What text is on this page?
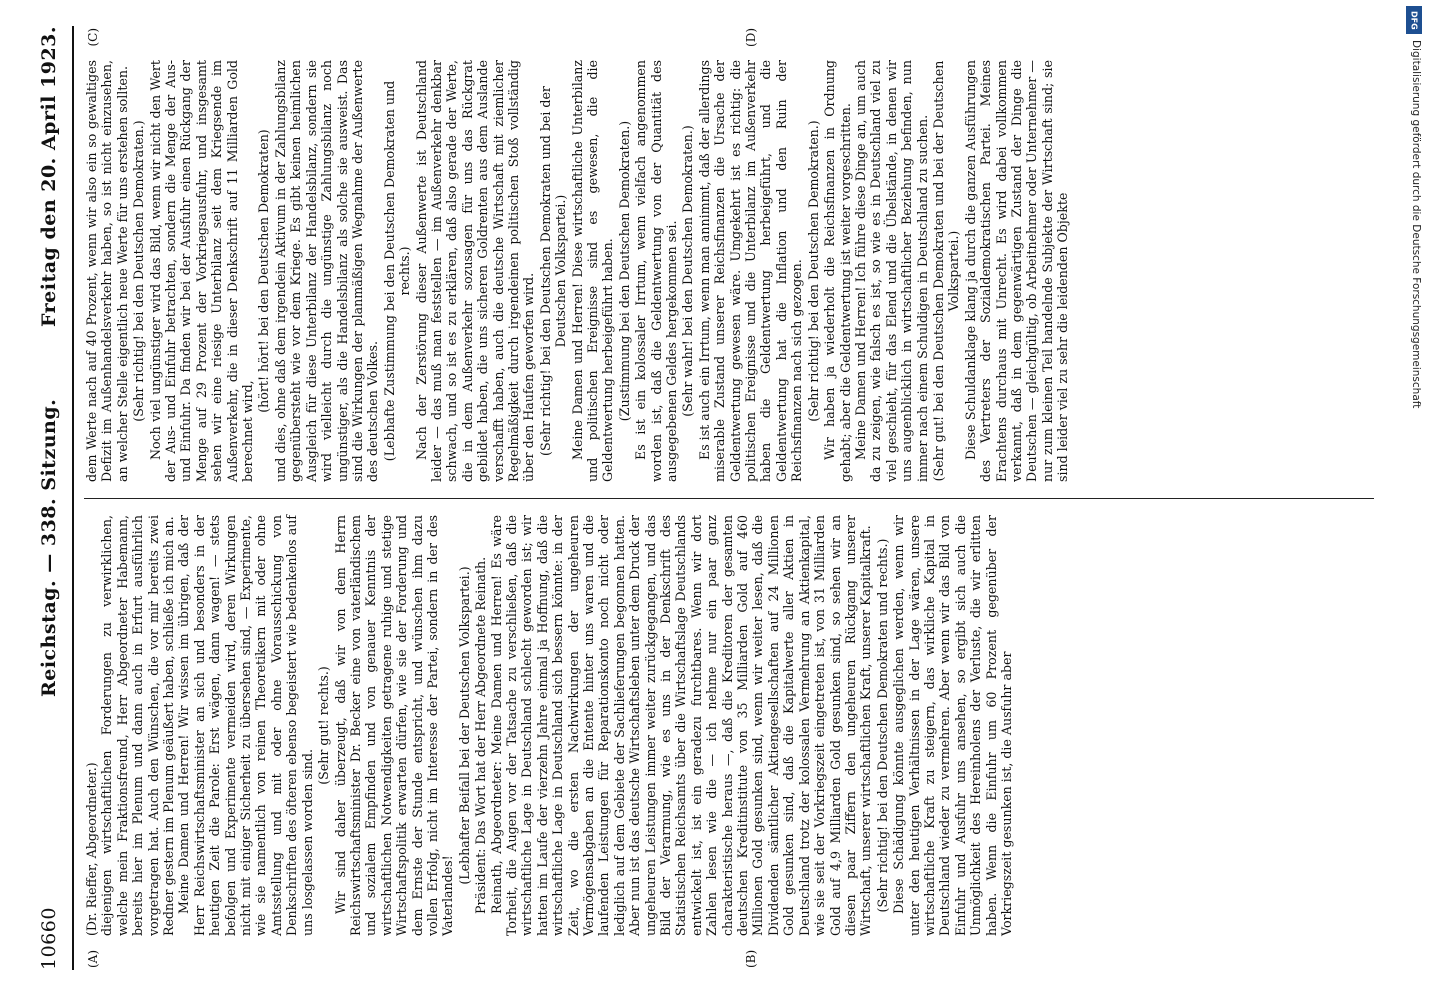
10660
Reichstag. — 338. Sitzung.
Freitag den 20. April 1923.
(A)	(B)

(Dr. Rieffer, Abgeordneter.) diejenigen wirtschaftlichen Forderungen zu verwirklichen, welche mein Fraktionsfreund, Herr Abgeordneter Habemann, bereits hier im Plenum und dann auch in Erfurt ausführlich vorgetragen hat. Auch den Wünschen, die vor mir bereits zwei Redner gestern im Plenum geäußert haben, schließe ich mich an. Meine Damen und Herren! Wir wissen im übrigen, daß der Herr Reichswirtschaftsminister an sich und besonders in der heutigen Zeit die Parole: Erst wägen, dann wagen! — stets befolgen und Experimente vermeiden wird, deren Wirkungen nicht mit einiger Sicherheit zu übersehen sind, — Experimente, wie sie namentlich von reinen Theoretikern mit oder ohne Amtsstellung und mit oder ohne Vorausschickung von Denkschriften des öfteren ebenso begeistert wie bedenkenlos auf uns losgelassen worden sind.

(Sehr gut! rechts.) Wir sind daher überzeugt, daß wir von dem Herrn Reichswirtschaftsminister Dr. Becker eine von vaterländischem und sozialem Empfinden und von genauer Kenntnis der wirtschaftlichen Notwendigkeiten getragene ruhige und stetige Wirtschaftspolitik erwarten dürfen, wie sie der Forderung und dem Ernste der Stunde entspricht, und wünschen ihm dazu vollen Erfolg, nicht im Interesse der Partei, sondern in der des Vaterlandes!

(Lebhafter Beifall bei der Deutschen Volkspartei.) Präsident: Das Wort hat der Herr Abgeordnete Reinath. Reinath, Abgeordneter: Meine Damen und Herren! Es wäre Torheit, die Augen vor der Tatsache zu verschließen, daß die wirtschaftliche Lage in Deutschland schlecht geworden ist; wir hatten im Laufe der vierzehn Jahre einmal ja Hoffnung, daß die wirtschaftliche Lage in Deutschland sich bessern könnte: in der Zeit, wo die ersten Nachwirkungen der ungeheuren Vermögensabgaben an die Entente hinter uns waren und die laufenden Leistungen für Reparationskonto noch nicht oder lediglich auf dem Gebiete der Sachlieferungen begonnen hatten. Aber nun ist das deutsche Wirtschaftsleben unter dem Druck der ungeheuren Leistungen immer weiter zurückgegangen, und das Bild der Verarmung, wie es uns in der Denkschrift des Statistischen Reichsamts über die Wirtschaftslage Deutschlands entwickelt ist, ist ein geradezu furchtbares. Wenn wir dort Zahlen lesen wie die — ich nehme nur ein paar ganz charakteristische heraus —, daß die Kreditoren der gesamten deutschen Kreditinstitute von 35 Milliarden Gold auf 460 Millionen Gold gesunken sind, wenn wir weiter lesen, daß die Dividenden sämtlicher Aktiengesellschaften auf 24 Millionen Gold gesunken sind, daß die Kapitalwerte aller Aktien in Deutschland trotz der kolossalen Vermehrung an Aktienkapital, wie sie seit der Vorkriegszeit eingetreten ist, von 31 Milliarden Gold auf 4,9 Milliarden Gold gesunken sind, so sehen wir an diesen paar Ziffern den ungeheuren Rückgang unserer Wirtschaft, unserer wirtschaftlichen Kraft, unserer Kapitalkraft. (Sehr richtig! bei den Deutschen Demokraten und rechts.) Diese Schädigung könnte ausgeglichen werden, wenn wir unter den heutigen Verhältnissen in der Lage wären, unsere wirtschaftliche Kraft zu steigern, das wirkliche Kapital in Deutschland wieder zu vermehren. Aber wenn wir das Bild von Einfuhr und Ausfuhr uns ansehen, so ergibt sich auch die Unmöglichkeit des Hereinholens der Verluste, die wir erlitten haben. Wenn die Einfuhr um 60 Prozent gegenüber der Vorkriegszeit gesunken ist, die Ausfuhr aber

(C)	(D)

dem Werte nach auf 40 Prozent, wenn wir also ein so gewaltiges Defizit im Außenhandelsverkehr haben, so ist nicht einzusehen, an welcher Stelle eigentlich neue Werte für uns erstehen sollten. (Sehr richtig! bei den Deutschen Demokraten.) Noch viel ungünstiger wird das Bild, wenn wir nicht den Wert der Aus- und Einfuhr betrachten, sondern die Menge der Aus- und Einfuhr. Da finden wir bei der Ausfuhr einen Rückgang der Menge auf 29 Prozent der Vorkriegsausfuhr, und insgesamt sehen wir eine riesige Unterbilanz seit dem Kriegsende im Außenverkehr, die in dieser Denkschrift auf 11 Milliarden Gold berechnet wird,

(hört! hört! bei den Deutschen Demokraten) und dies, ohne daß dem irgendein Aktivum in der Zahlungsbilanz gegenübersteht wie vor dem Kriege. Es gibt keinen heimlichen Ausgleich für diese Unterbilanz der Handelsbilanz, sondern sie wird vielleicht durch die ungünstige Zahlungsbilanz noch ungünstiger, als die Handelsbilanz als solche sie ausweist. Das sind die Wirkungen der planmäßigen Wegnahme der Außenwerte des deutschen Volkes. (Lebhafte Zustimmung bei den Deutschen Demokraten und rechts.) Nach der Zerstörung dieser Außenwerte ist Deutschland leider — das muß man feststellen — im Außenverkehr denkbar schwach, und so ist es zu erklären, daß also gerade der Werte, die in dem Außenverkehr sozusagen für uns das Rückgrat gebildet haben, die uns sicheren Goldrenten aus dem Auslande verschafft haben, auch die deutsche Wirtschaft mit ziemlicher Regelmäßigkeit durch irgendeinen politischen Stoß vollständig über den Haufen geworfen wird. (Sehr richtig! bei den Deutschen Demokraten und bei der Deutschen Volkspartei.) Meine Damen und Herren! Diese wirtschaftliche Unterbilanz und politischen Ereignisse sind es gewesen, die die Geldentwertung herbeigeführt haben. (Zustimmung bei den Deutschen Demokraten.) Es ist ein kolossaler Irrtum, wenn vielfach angenommen worden ist, daß die Geldentwertung von der Quantität des ausgegebenen Geldes hergekommen sei. (Sehr wahr! bei den Deutschen Demokraten.) Es ist auch ein Irrtum, wenn man annimmt, daß der allerdings miserable Zustand unserer Reichsfinanzen die Ursache der Geldentwertung gewesen wäre. Umgekehrt ist es richtig: die politischen Ereignisse und die Unterbilanz im Außenverkehr haben die Geldentwertung herbeigeführt, und die Geldentwertung hat die Inflation und den Ruin der Reichsfinanzen nach sich gezogen. (Sehr richtig! bei den Deutschen Demokraten.) Wir haben ja wiederholt die Reichsfinanzen in Ordnung gehabt; aber die Geldentwertung ist weiter vorgeschritten. Meine Damen und Herren! Ich führe diese Dinge an, um auch da zu zeigen, wie falsch es ist, so wie es in Deutschland viel zu viel geschieht, für das Elend und die Übelstände, in denen wir uns augenblicklich in wirtschaftlicher Beziehung befinden, nun immer nach einem Schuldigen in Deutschland zu suchen. (Sehr gut! bei den Deutschen Demokraten und bei der Deutschen Volkspartei.) Diese Schuldanklage klang ja durch die ganzen Ausführungen des Vertreters der Sozialdemokratischen Partei. Meines Erachtens durchaus mit Unrecht. Es wird dabei vollkommen verkannt, daß in dem gegenwärtigen Zustand der Dinge die Deutschen — gleichgültig, ob Arbeitnehmer oder Unternehmer — nur zum kleinen Teil handelnde Subjekte der Wirtschaft sind; sie sind leider viel zu sehr die leidenden Objekte

DFG
Digitalisierung gefördert durch die Deutsche Forschungsgemeinschaft
